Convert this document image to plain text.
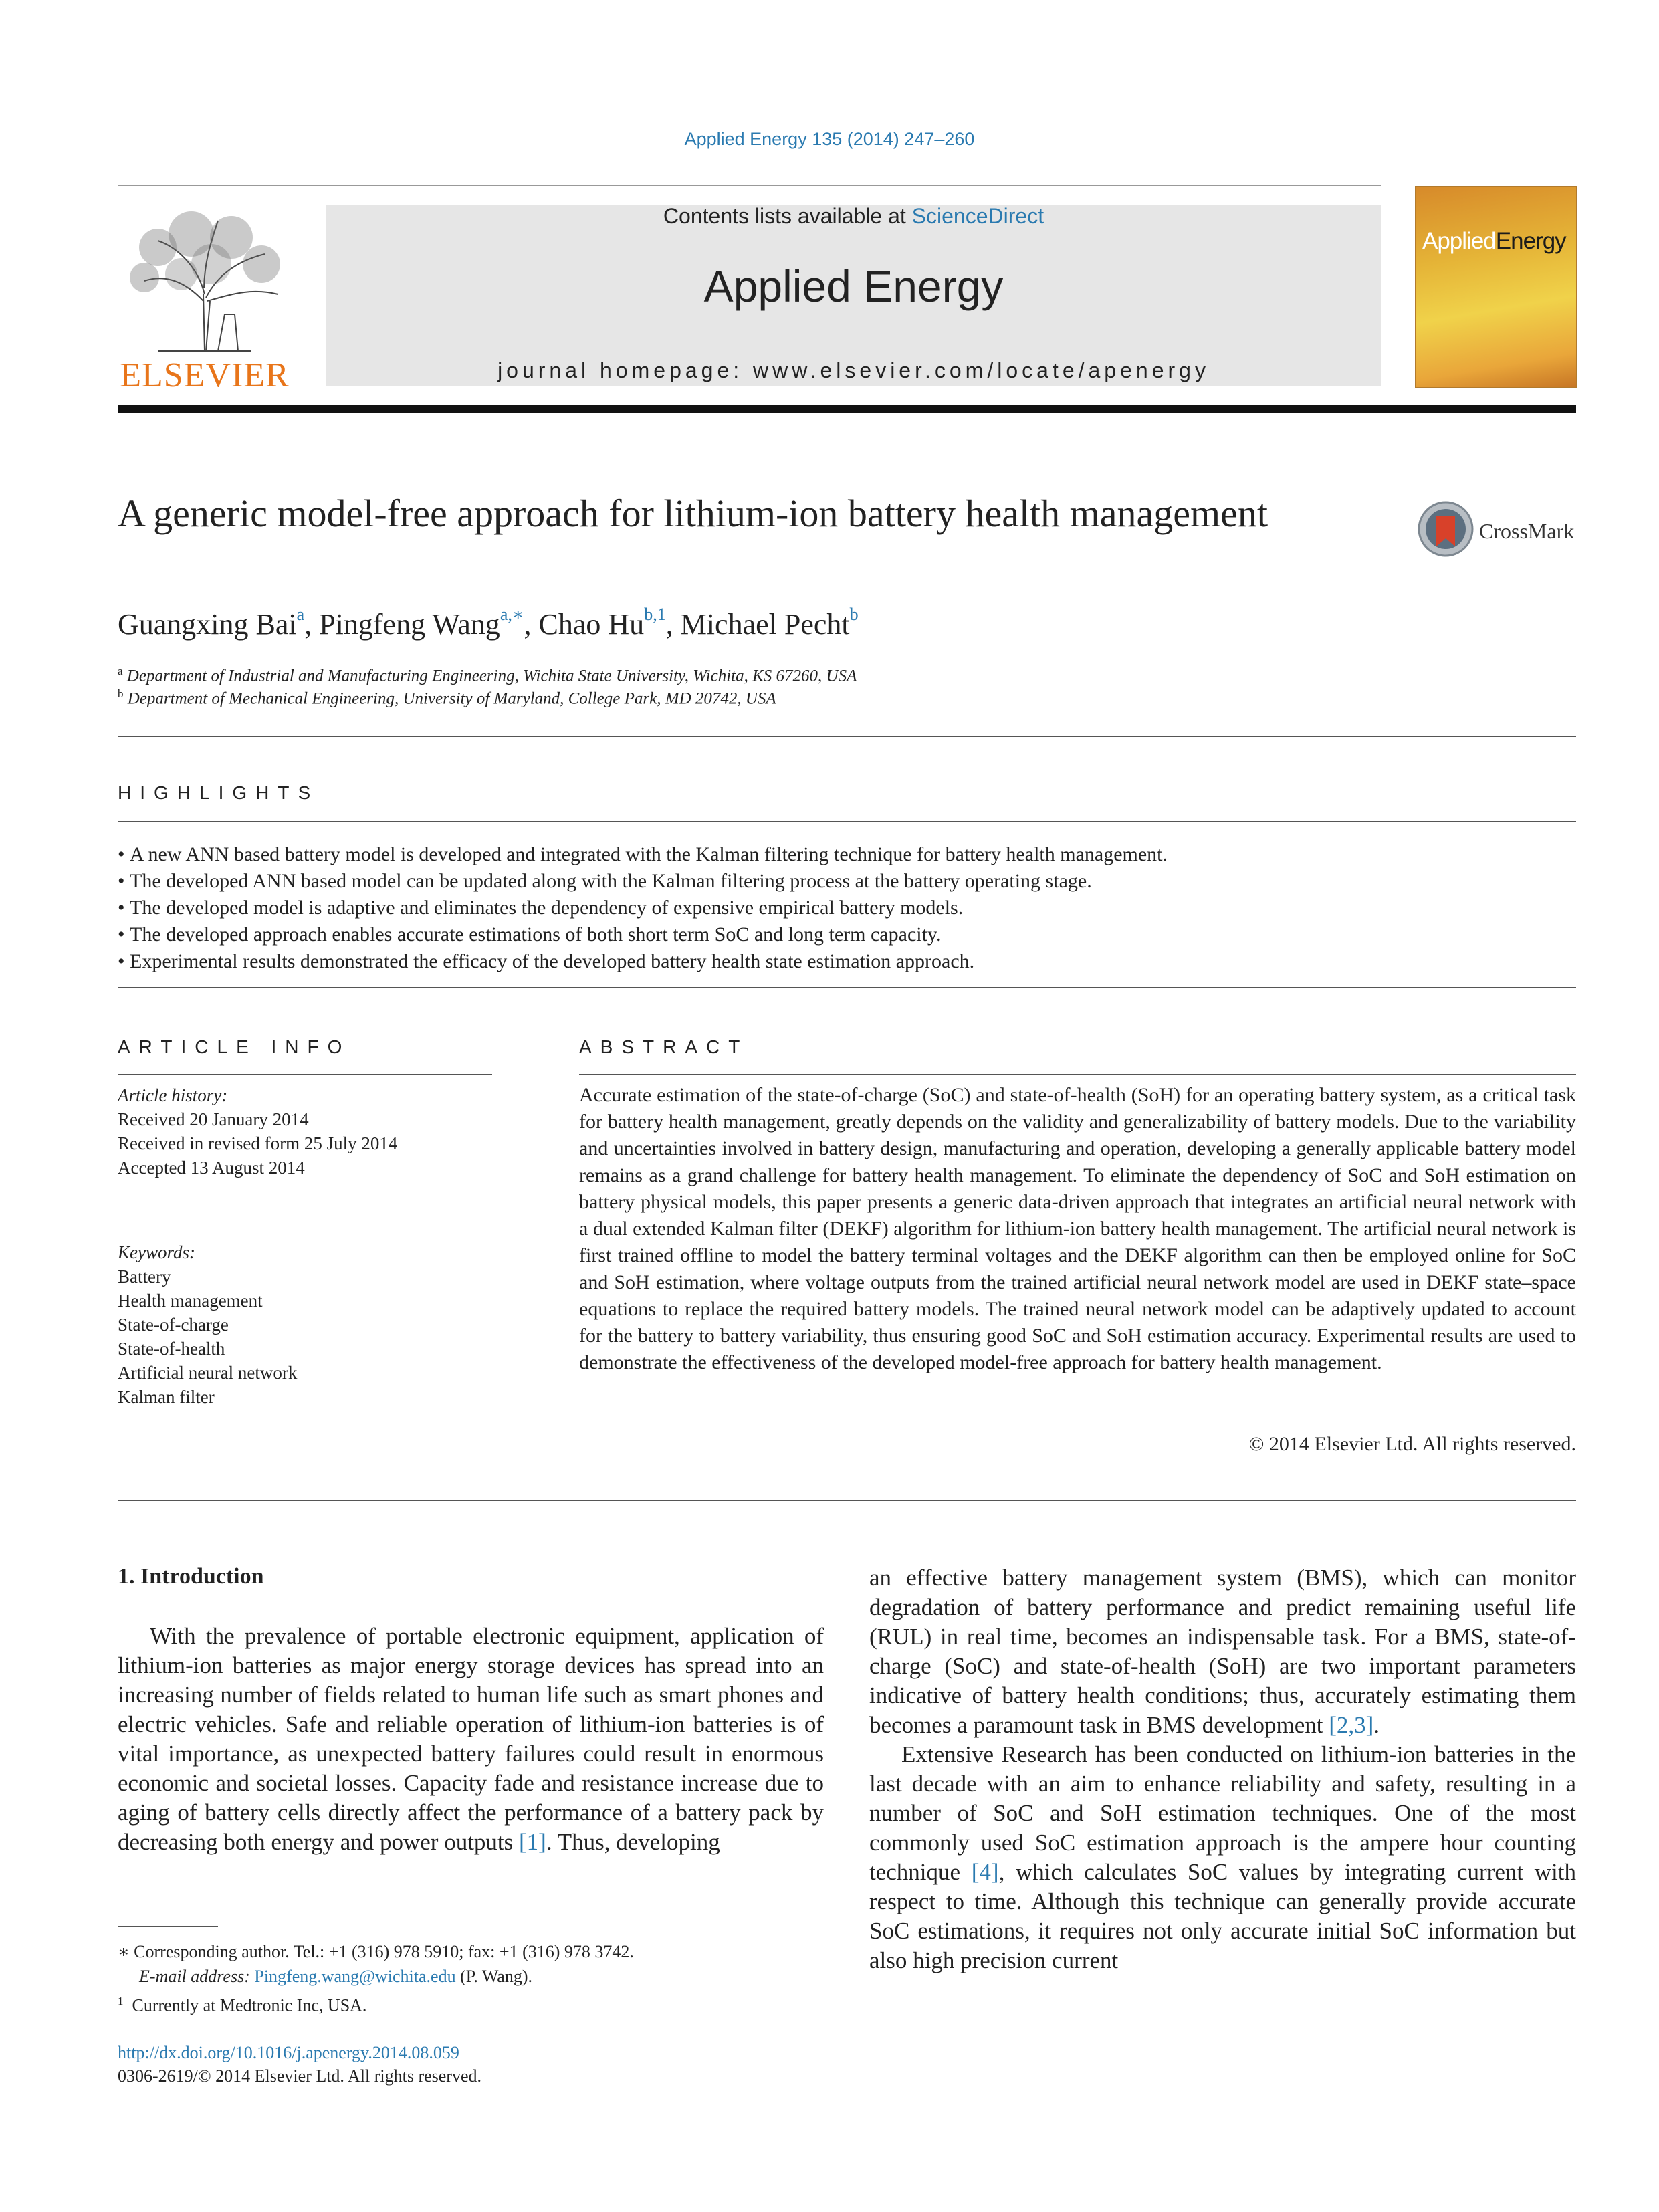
Applied Energy 135 (2014) 247–260
ELSEVIER
Contents lists available at ScienceDirect
Applied Energy
journal homepage: www.elsevier.com/locate/apenergy
AppliedEnergy
A generic model-free approach for lithium-ion battery health management	CrossMark
Guangxing Bai$^a$, Pingfeng Wang$^{a,∗}$, Chao Hu$^{b,1}$, Michael Pecht$^b$
$^a$ Department of Industrial and Manufacturing Engineering, Wichita State University, Wichita, KS 67260, USA
$^b$ Department of Mechanical Engineering, University of Maryland, College Park, MD 20742, USA
HIGHLIGHTS
• A new ANN based battery model is developed and integrated with the Kalman filtering technique for battery health management.
• The developed ANN based model can be updated along with the Kalman filtering process at the battery operating stage.
• The developed model is adaptive and eliminates the dependency of expensive empirical battery models.
• The developed approach enables accurate estimations of both short term SoC and long term capacity.
• Experimental results demonstrated the efficacy of the developed battery health state estimation approach.
ARTICLE INFO
Article history:
Received 20 January 2014
Received in revised form 25 July 2014
Accepted 13 August 2014
Keywords:
Battery
Health management
State-of-charge
State-of-health
Artificial neural network
Kalman filter
ABSTRACT
Accurate estimation of the state-of-charge (SoC) and state-of-health (SoH) for an operating battery system, as a critical task for battery health management, greatly depends on the validity and generalizability of battery models. Due to the variability and uncertainties involved in battery design, manufacturing and operation, developing a generally applicable battery model remains as a grand challenge for battery health management. To eliminate the dependency of SoC and SoH estimation on battery physical models, this paper presents a generic data-driven approach that integrates an artificial neural network with a dual extended Kalman filter (DEKF) algorithm for lithium-ion battery health management. The artificial neural network is first trained offline to model the battery terminal voltages and the DEKF algorithm can then be employed online for SoC and SoH estimation, where voltage outputs from the trained artificial neural network model are used in DEKF state–space equations to replace the required battery models. The trained neural network model can be adaptively updated to account for the battery to battery variability, thus ensuring good SoC and SoH estimation accuracy. Experimental results are used to demonstrate the effectiveness of the developed model-free approach for battery health management.
© 2014 Elsevier Ltd. All rights reserved.
1. Introduction

With the prevalence of portable electronic equipment, application of lithium-ion batteries as major energy storage devices has spread into an increasing number of fields related to human life such as smart phones and electric vehicles. Safe and reliable operation of lithium-ion batteries is of vital importance, as unexpected battery failures could result in enormous economic and societal losses. Capacity fade and resistance increase due to aging of battery cells directly affect the performance of a battery pack by decreasing both energy and power outputs [1]. Thus, developing

an effective battery management system (BMS), which can monitor degradation of battery performance and predict remaining useful life (RUL) in real time, becomes an indispensable task. For a BMS, state-of-charge (SoC) and state-of-health (SoH) are two important parameters indicative of battery health conditions; thus, accurately estimating them becomes a paramount task in BMS development [2,3].

Extensive Research has been conducted on lithium-ion batteries in the last decade with an aim to enhance reliability and safety, resulting in a number of SoC and SoH estimation techniques. One of the most commonly used SoC estimation approach is the ampere hour counting technique [4], which calculates SoC values by integrating current with respect to time. Although this technique can generally provide accurate SoC estimations, it requires not only accurate initial SoC information but also high precision current

∗ Corresponding author. Tel.: +1 (316) 978 5910; fax: +1 (316) 978 3742.
E-mail address: Pingfeng.wang@wichita.edu (P. Wang).
$^1$ Currently at Medtronic Inc, USA.
http://dx.doi.org/10.1016/j.apenergy.2014.08.059
0306-2619/© 2014 Elsevier Ltd. All rights reserved.
